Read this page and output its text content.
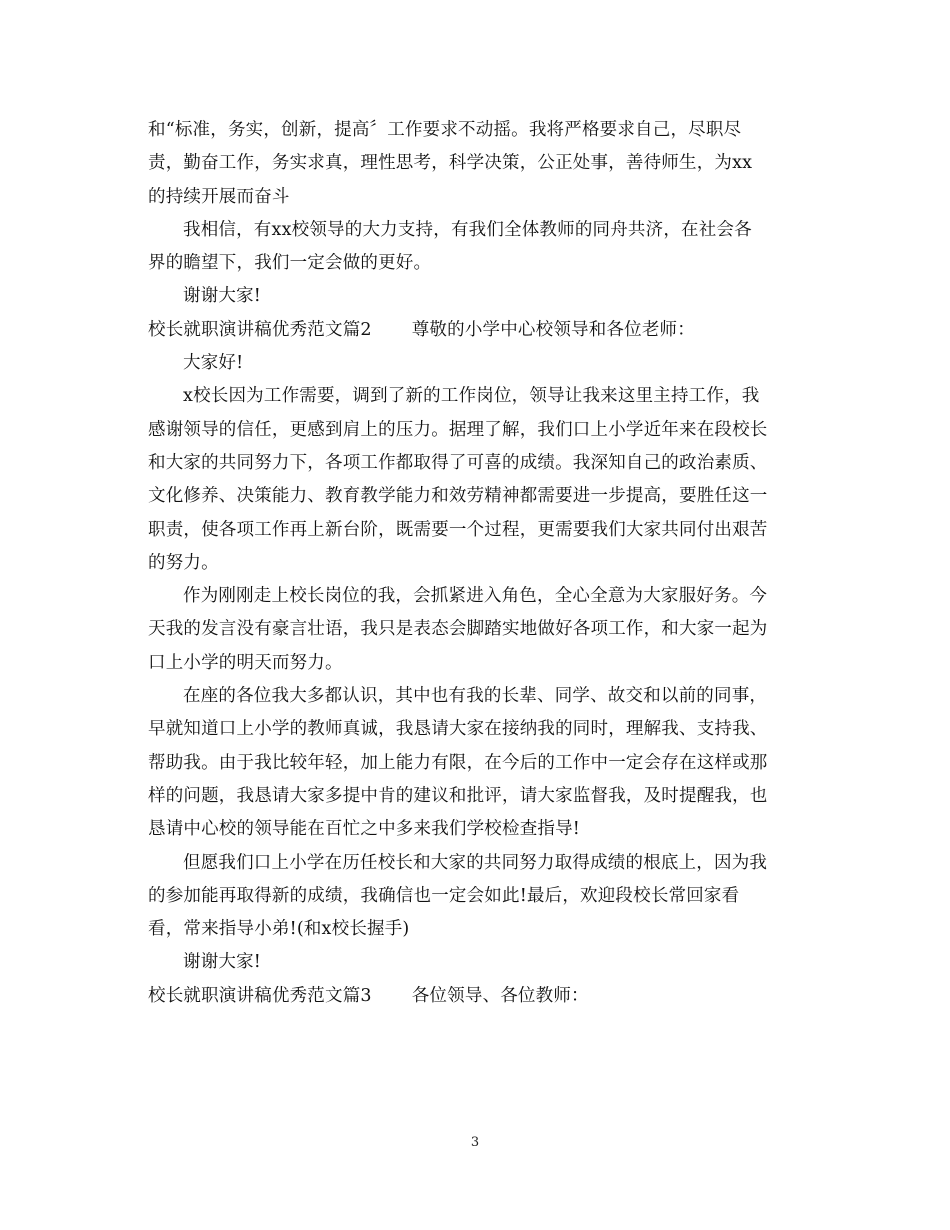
和“标准，务实，创新，提高〞工作要求不动摇。我将严格要求自己，尽职尽
责，勤奋工作，务实求真，理性思考，科学决策，公正处事，善待师生，为xx
的持续开展而奋斗
我相信，有xx校领导的大力支持，有我们全体教师的同舟共济，在社会各
界的瞻望下，我们一定会做的更好。
谢谢大家!
校长就职演讲稿优秀范文篇2 尊敬的小学中心校领导和各位老师：
大家好!
x校长因为工作需要，调到了新的工作岗位，领导让我来这里主持工作，我
感谢领导的信任，更感到肩上的压力。据理了解，我们口上小学近年来在段校长
和大家的共同努力下，各项工作都取得了可喜的成绩。我深知自己的政治素质、
文化修养、决策能力、教育教学能力和效劳精神都需要进一步提高，要胜任这一
职责，使各项工作再上新台阶，既需要一个过程，更需要我们大家共同付出艰苦
的努力。
作为刚刚走上校长岗位的我，会抓紧进入角色，全心全意为大家服好务。今
天我的发言没有豪言壮语，我只是表态会脚踏实地做好各项工作，和大家一起为
口上小学的明天而努力。
在座的各位我大多都认识，其中也有我的长辈、同学、故交和以前的同事，
早就知道口上小学的教师真诚，我恳请大家在接纳我的同时，理解我、支持我、
帮助我。由于我比较年轻，加上能力有限，在今后的工作中一定会存在这样或那
样的问题，我恳请大家多提中肯的建议和批评，请大家监督我，及时提醒我，也
恳请中心校的领导能在百忙之中多来我们学校检查指导!
但愿我们口上小学在历任校长和大家的共同努力取得成绩的根底上，因为我
的参加能再取得新的成绩，我确信也一定会如此!最后，欢迎段校长常回家看
看，常来指导小弟!(和x校长握手)
谢谢大家!
校长就职演讲稿优秀范文篇3 各位领导、各位教师：
3
